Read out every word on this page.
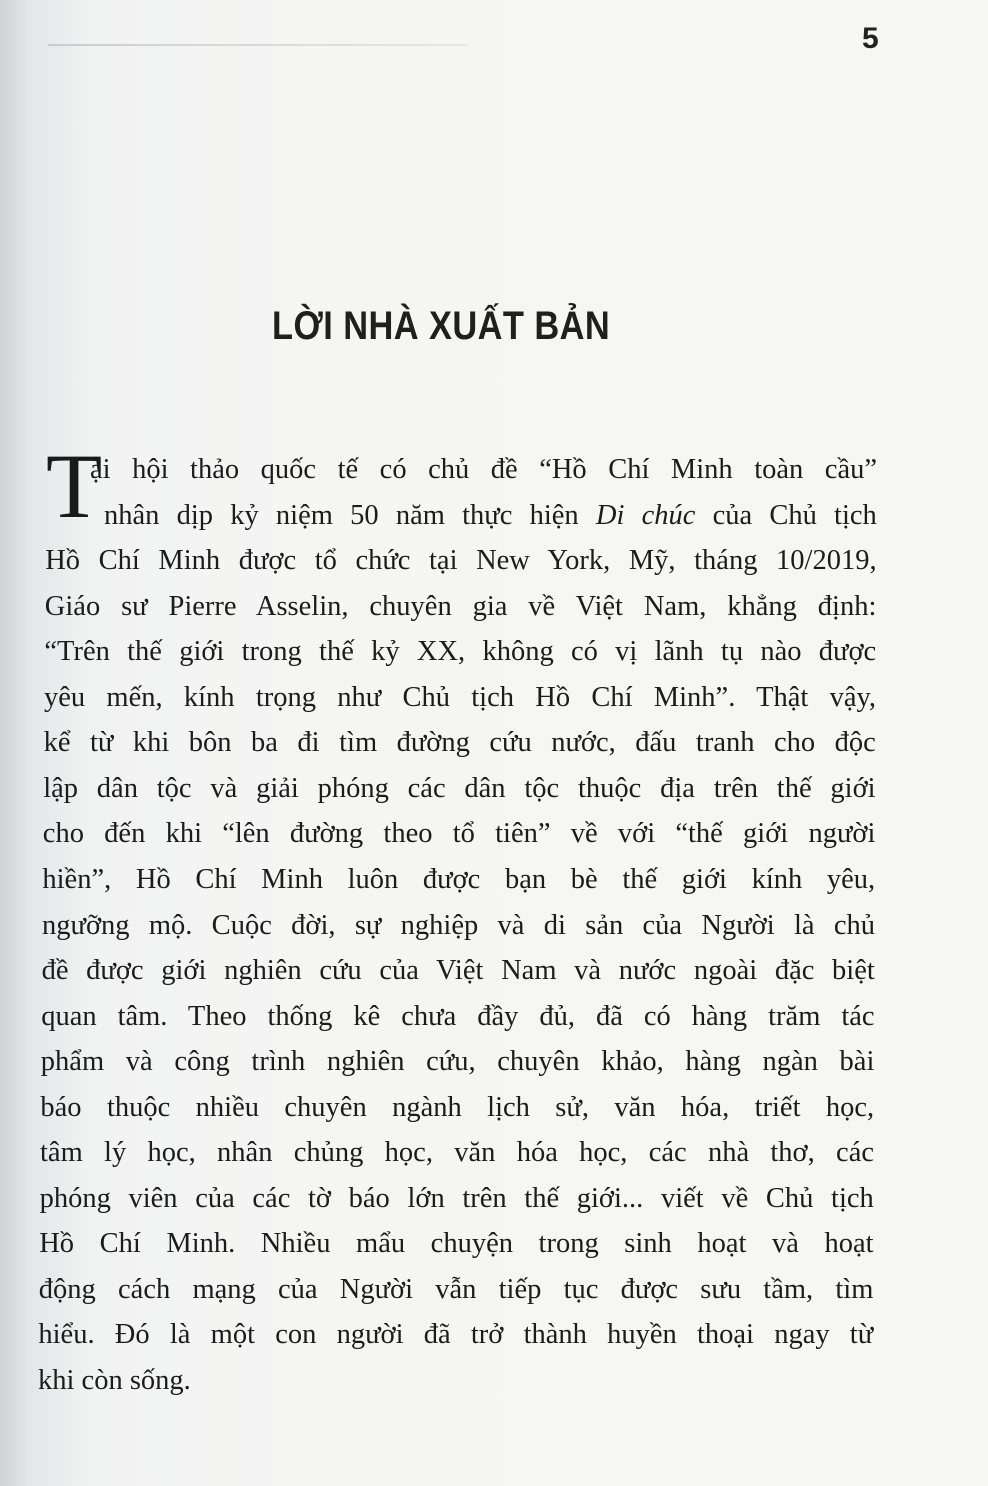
5
LỜI NHÀ XUẤT BẢN
T
ại hội thảo quốc tế có chủ đề “Hồ Chí Minh toàn cầu”
nhân dịp kỷ niệm 50 năm thực hiện Di chúc của Chủ tịch
Hồ Chí Minh được tổ chức tại New York, Mỹ, tháng 10/2019,
Giáo sư Pierre Asselin, chuyên gia về Việt Nam, khẳng định:
“Trên thế giới trong thế kỷ XX, không có vị lãnh tụ nào được
yêu mến, kính trọng như Chủ tịch Hồ Chí Minh”. Thật vậy,
kể từ khi bôn ba đi tìm đường cứu nước, đấu tranh cho độc
lập dân tộc và giải phóng các dân tộc thuộc địa trên thế giới
cho đến khi “lên đường theo tổ tiên” về với “thế giới người
hiền”, Hồ Chí Minh luôn được bạn bè thế giới kính yêu,
ngưỡng mộ. Cuộc đời, sự nghiệp và di sản của Người là chủ
đề được giới nghiên cứu của Việt Nam và nước ngoài đặc biệt
quan tâm. Theo thống kê chưa đầy đủ, đã có hàng trăm tác
phẩm và công trình nghiên cứu, chuyên khảo, hàng ngàn bài
báo thuộc nhiều chuyên ngành lịch sử, văn hóa, triết học,
tâm lý học, nhân chủng học, văn hóa học, các nhà thơ, các
phóng viên của các tờ báo lớn trên thế giới... viết về Chủ tịch
Hồ Chí Minh. Nhiều mẩu chuyện trong sinh hoạt và hoạt
động cách mạng của Người vẫn tiếp tục được sưu tầm, tìm
hiểu. Đó là một con người đã trở thành huyền thoại ngay từ
khi còn sống.
